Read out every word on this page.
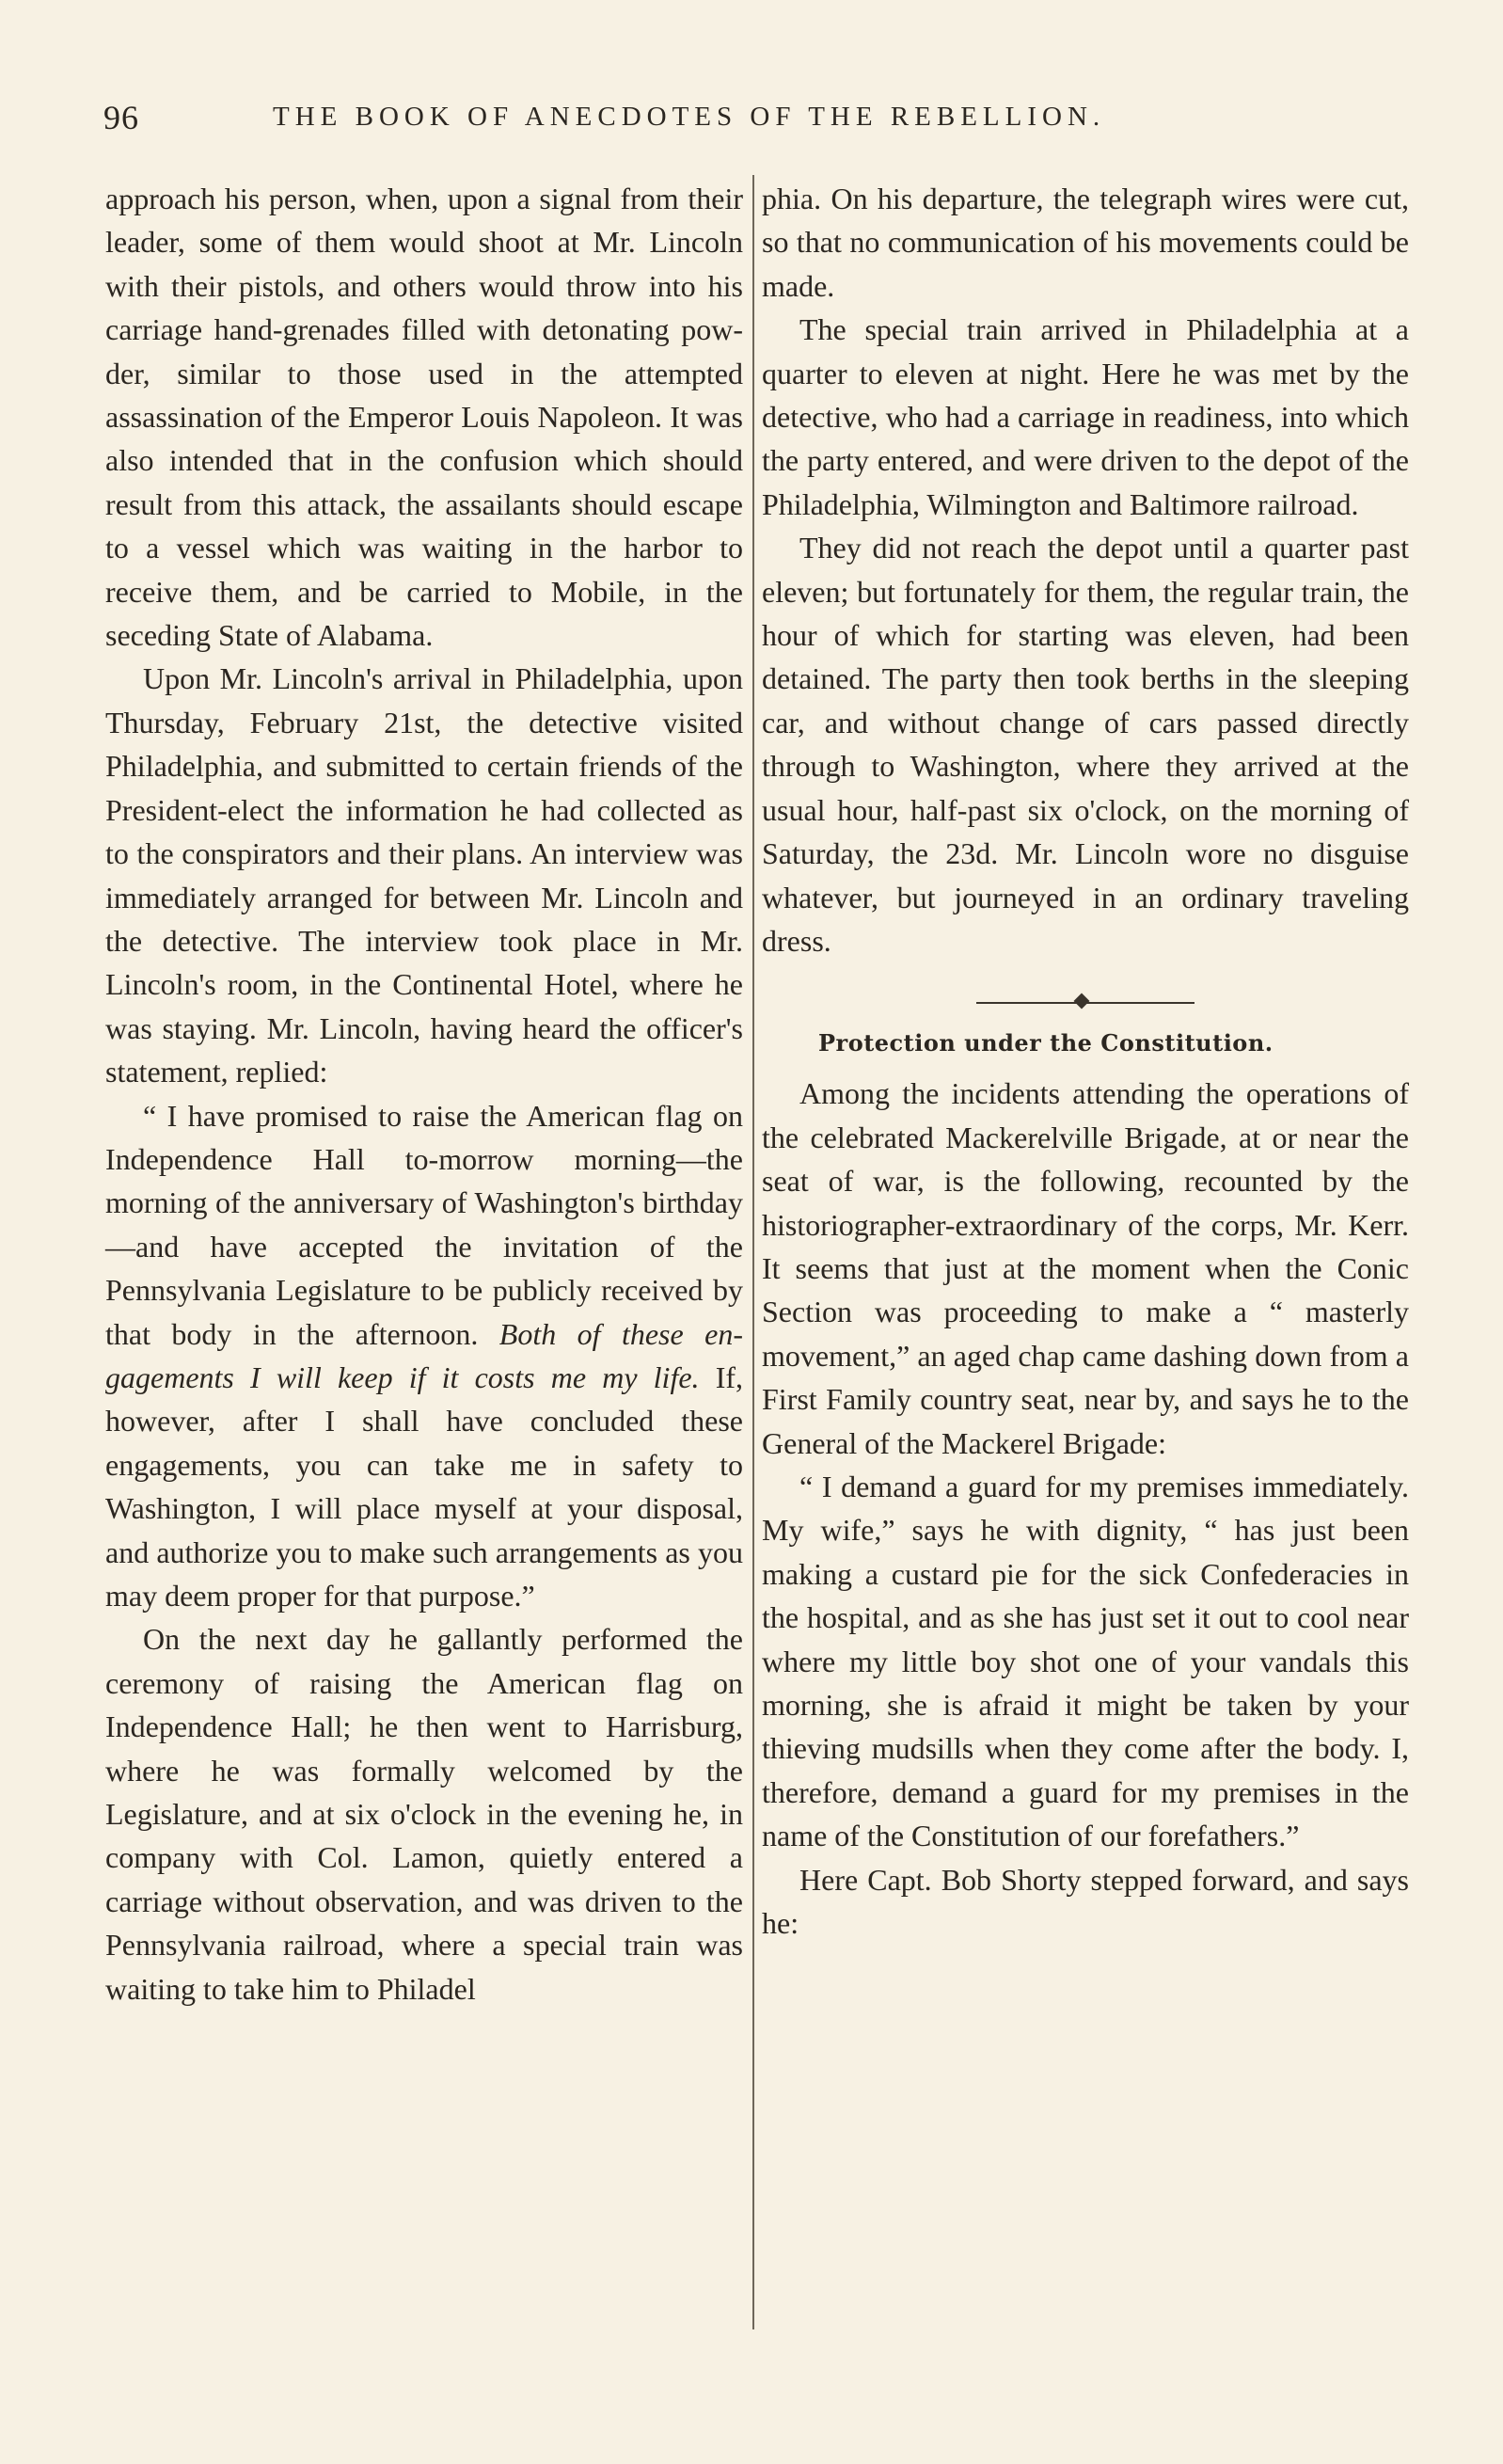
96	THE BOOK OF ANECDOTES OF THE REBELLION.

approach his person, when, upon a signal from their leader, some of them would shoot at Mr. Lincoln with their pistols, and others would throw into his carriage hand-grenades filled with detonating powder, similar to those used in the attempted assassination of the Emperor Louis Napoleon. It was also intended that in the confusion which should result from this attack, the assailants should escape to a vessel which was waiting in the harbor to receive them, and be carried to Mobile, in the seceding State of Alabama.

Upon Mr. Lincoln's arrival in Philadelphia, upon Thursday, February 21st, the detective visited Philadelphia, and submitted to certain friends of the President-elect the information he had collected as to the conspirators and their plans. An interview was immediately arranged for between Mr. Lincoln and the detective. The interview took place in Mr. Lincoln's room, in the Continental Hotel, where he was staying. Mr. Lincoln, having heard the officer's statement, replied:

“ I have promised to raise the American flag on Independence Hall to-morrow morning—the morning of the anniversary of Washington's birthday—and have accepted the invitation of the Pennsylvania Legislature to be publicly received by that body in the afternoon. Both of these engagements I will keep if it costs me my life. If, however, after I shall have concluded these engagements, you can take me in safety to Washington, I will place myself at your disposal, and authorize you to make such arrangements as you may deem proper for that purpose.”

On the next day he gallantly performed the ceremony of raising the American flag on Independence Hall; he then went to Harrisburg, where he was formally welcomed by the Legislature, and at six o'clock in the evening he, in company with Col. Lamon, quietly entered a carriage without observation, and was driven to the Pennsylvania railroad, where a special train was waiting to take him to Philadel

phia. On his departure, the telegraph wires were cut, so that no communication of his movements could be made.

The special train arrived in Philadelphia at a quarter to eleven at night. Here he was met by the detective, who had a carriage in readiness, into which the party entered, and were driven to the depot of the Philadelphia, Wilmington and Baltimore railroad.

They did not reach the depot until a quarter past eleven; but fortunately for them, the regular train, the hour of which for starting was eleven, had been detained. The party then took berths in the sleeping car, and without change of cars passed directly through to Washington, where they arrived at the usual hour, half-past six o'clock, on the morning of Saturday, the 23d. Mr. Lincoln wore no disguise whatever, but journeyed in an ordinary traveling dress.

Protection under the Constitution.

Among the incidents attending the operations of the celebrated Mackerelville Brigade, at or near the seat of war, is the following, recounted by the historiographer-extraordinary of the corps, Mr. Kerr. It seems that just at the moment when the Conic Section was proceeding to make a “ masterly movement,” an aged chap came dashing down from a First Family country seat, near by, and says he to the General of the Mackerel Brigade:

“ I demand a guard for my premises immediately. My wife,” says he with dignity, “ has just been making a custard pie for the sick Confederacies in the hospital, and as she has just set it out to cool near where my little boy shot one of your vandals this morning, she is afraid it might be taken by your thieving mudsills when they come after the body. I, therefore, demand a guard for my premises in the name of the Constitution of our forefathers.”

Here Capt. Bob Shorty stepped forward, and says he:
